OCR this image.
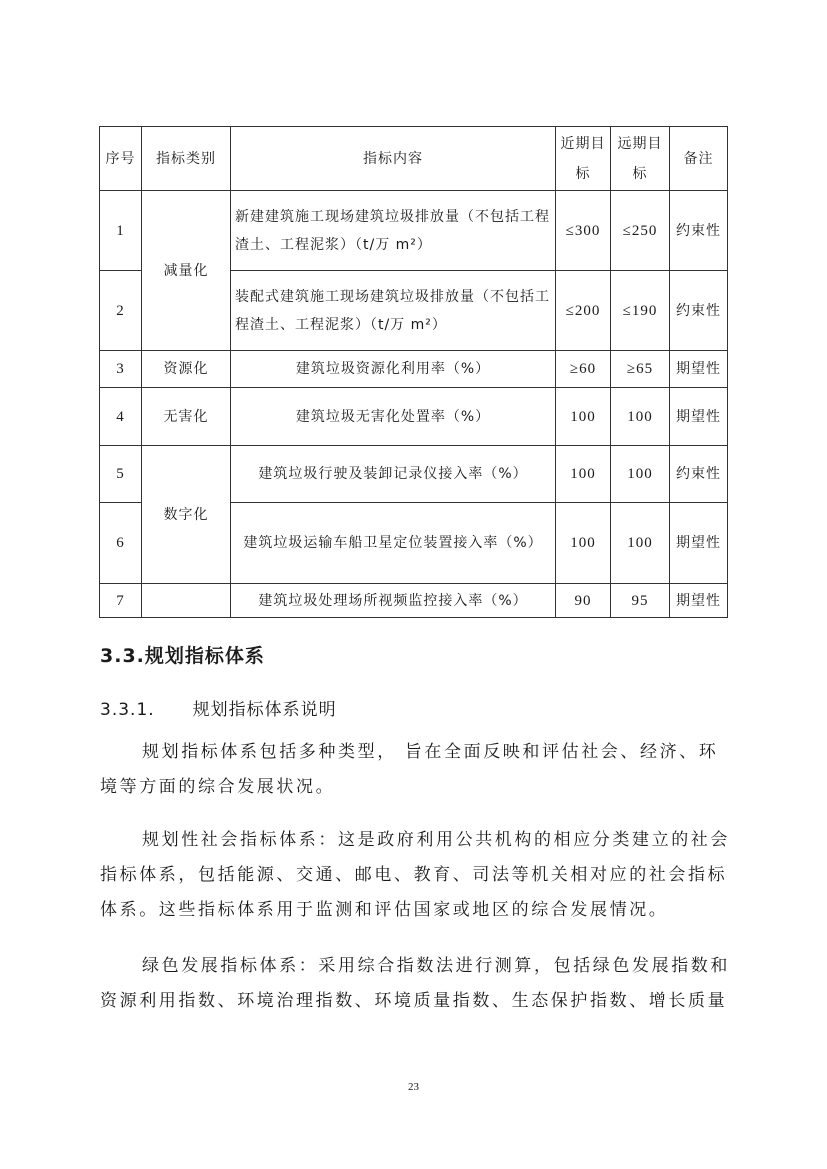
序号	指标类别	指标内容	近期目标	远期目标	备注
1	减量化	新建建筑施工现场建筑垃圾排放量（不包括工程渣土、工程泥浆）（t/万 m²）	≤300	≤250	约束性
2		装配式建筑施工现场建筑垃圾排放量（不包括工程渣土、工程泥浆）（t/万 m²）	≤200	≤190	约束性
3	资源化	建筑垃圾资源化利用率（%）	≥60	≥65	期望性
4	无害化	建筑垃圾无害化处置率（%）	100	100	期望性
5	数字化	建筑垃圾行驶及装卸记录仪接入率（%）	100	100	约束性
6		建筑垃圾运输车船卫星定位装置接入率（%）	100	100	期望性
7		建筑垃圾处理场所视频监控接入率（%）	90	95	期望性
3.3.规划指标体系
3.3.1. 规划指标体系说明

规划指标体系包括多种类型， 旨在全面反映和评估社会、经济、环境等方面的综合发展状况。

规划性社会指标体系：这是政府利用公共机构的相应分类建立的社会指标体系，包括能源、交通、邮电、教育、司法等机关相对应的社会指标体系。这些指标体系用于监测和评估国家或地区的综合发展情况。

绿色发展指标体系：采用综合指数法进行测算，包括绿色发展指数和资源利用指数、环境治理指数、环境质量指数、生态保护指数、增长质量

23
